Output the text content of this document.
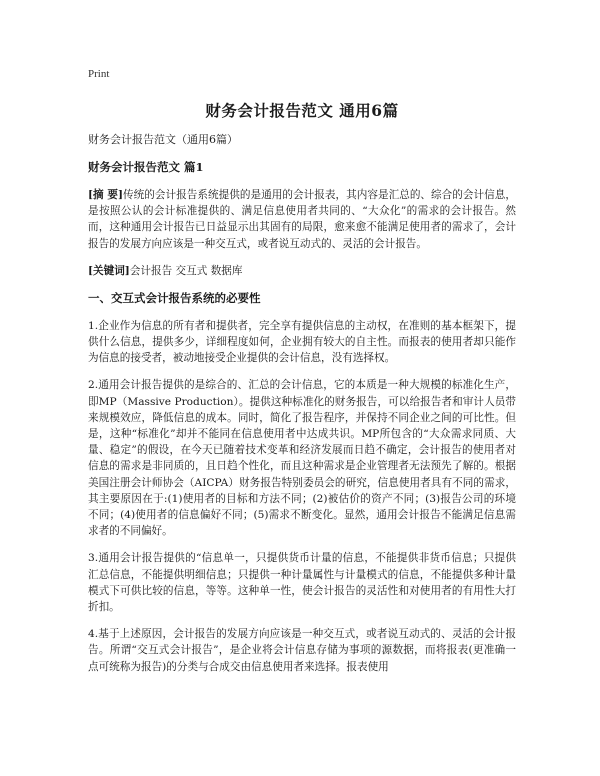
Print
财务会计报告范文 通用6篇
财务会计报告范文（通用6篇）
财务会计报告范文 篇1
[摘 要]传统的会计报告系统提供的是通用的会计报表，其内容是汇总的、综合的会计信息，是按照公认的会计标准提供的、满足信息使用者共同的、“大众化”的需求的会计报告。然而，这种通用会计报告已日益显示出其固有的局限，愈来愈不能满足使用者的需求了，会计报告的发展方向应该是一种交互式，或者说互动式的、灵活的会计报告。
[关键词]会计报告 交互式 数据库
一、交互式会计报告系统的必要性
1.企业作为信息的所有者和提供者，完全享有提供信息的主动权，在准则的基本框架下，提供什么信息，提供多少，详细程度如何，企业拥有较大的自主性。而报表的使用者却只能作为信息的接受者，被动地接受企业提供的会计信息，没有选择权。
2.通用会计报告提供的是综合的、汇总的会计信息，它的本质是一种大规模的标准化生产，即MP（Massive Production）。提供这种标准化的财务报告，可以给报告者和审计人员带来规模效应，降低信息的成本。同时，简化了报告程序，并保持不同企业之间的可比性。但是，这种“标准化”却并不能同在信息使用者中达成共识。MP所包含的“大众需求同质、大量、稳定”的假设，在今天已随着技术变革和经济发展而日趋不确定，会计报告的使用者对信息的需求是非同质的，且日趋个性化，而且这种需求是企业管理者无法预先了解的。根据美国注册会计师协会（AICPA）财务报告特别委员会的研究，信息使用者具有不同的需求，其主要原因在于:(1)使用者的目标和方法不同；(2)被估价的资产不同；(3)报告公司的环境不同；(4)使用者的信息偏好不同；(5)需求不断变化。显然，通用会计报告不能满足信息需求者的不同偏好。
3.通用会计报告提供的“信息单一，只提供货币计量的信息，不能提供非货币信息；只提供汇总信息，不能提供明细信息；只提供一种计量属性与计量模式的信息，不能提供多种计量模式下可供比较的信息，等等。这种单一性，使会计报告的灵活性和对使用者的有用性大打折扣。
4.基于上述原因，会计报告的发展方向应该是一种交互式，或者说互动式的、灵活的会计报告。所谓“交互式会计报告”，是企业将会计信息存储为事项的源数据，而将报表(更准确一点可统称为报告)的分类与合成交由信息使用者来选择。报表使用
